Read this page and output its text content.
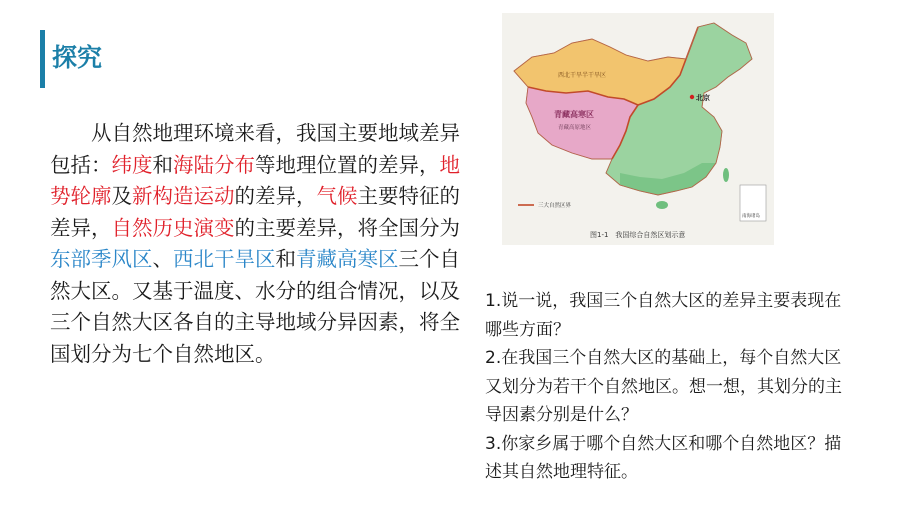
探究

从自然地理环境来看，我国主要地域差异包括：纬度和海陆分布等地理位置的差异，地势轮廓及新构造运动的差异，气候主要特征的差异，自然历史演变的主要差异，将全国分为东部季风区、西北干旱区和青藏高寒区三个自然大区。又基于温度、水分的组合情况，以及三个自然大区各自的主导地域分异因素，将全国划分为七个自然地区。

西北干旱半干旱区
青藏高寒区
青藏高原地区
北京
三大自然区界
南海诸岛
图1-1　我国综合自然区划示意

1.说一说，我国三个自然大区的差异主要表现在哪些方面？

2.在我国三个自然大区的基础上，每个自然大区又划分为若干个自然地区。想一想，其划分的主导因素分别是什么？

3.你家乡属于哪个自然大区和哪个自然地区？描述其自然地理特征。
